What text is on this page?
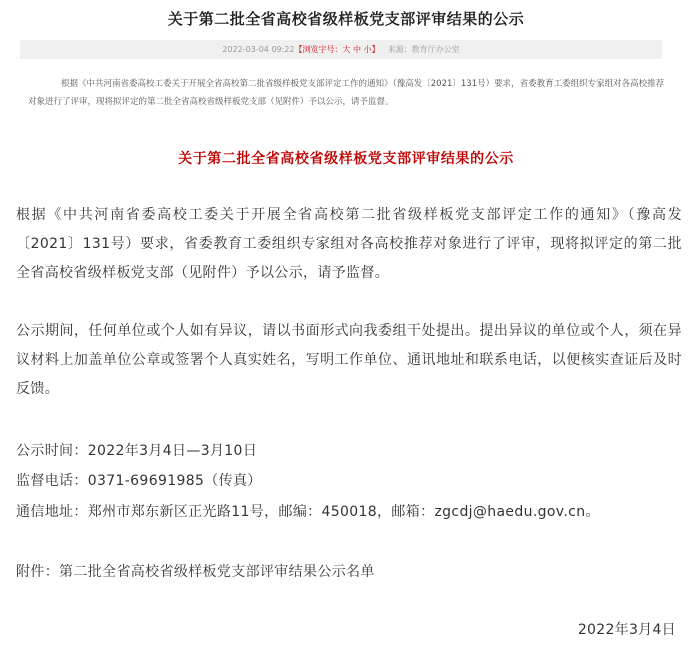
关于第二批全省高校省级样板党支部评审结果的公示
2022-03-04 09:22【浏览字号：大 中 小】 来源：教育厅办公室
根据《中共河南省委高校工委关于开展全省高校第二批省级样板党支部评定工作的通知》（豫高发〔2021〕131号）要求，省委教育工委组织专家组对各高校推荐对象进行了评审，现将拟评定的第二批全省高校省级样板党支部（见附件）予以公示，请予监督。
关于第二批全省高校省级样板党支部评审结果的公示

根据《中共河南省委高校工委关于开展全省高校第二批省级样板党支部评定工作的通知》（豫高发〔2021〕131号）要求，省委教育工委组织专家组对各高校推荐对象进行了评审，现将拟评定的第二批全省高校省级样板党支部（见附件）予以公示，请予监督。

公示期间，任何单位或个人如有异议，请以书面形式向我委组干处提出。提出异议的单位或个人，须在异议材料上加盖单位公章或签署个人真实姓名，写明工作单位、通讯地址和联系电话，以便核实查证后及时反馈。

公示时间：2022年3月4日—3月10日

监督电话：0371-69691985（传真）

通信地址：郑州市郑东新区正光路11号，邮编：450018，邮箱：zgcdj@haedu.gov.cn。

附件：第二批全省高校省级样板党支部评审结果公示名单

2022年3月4日
